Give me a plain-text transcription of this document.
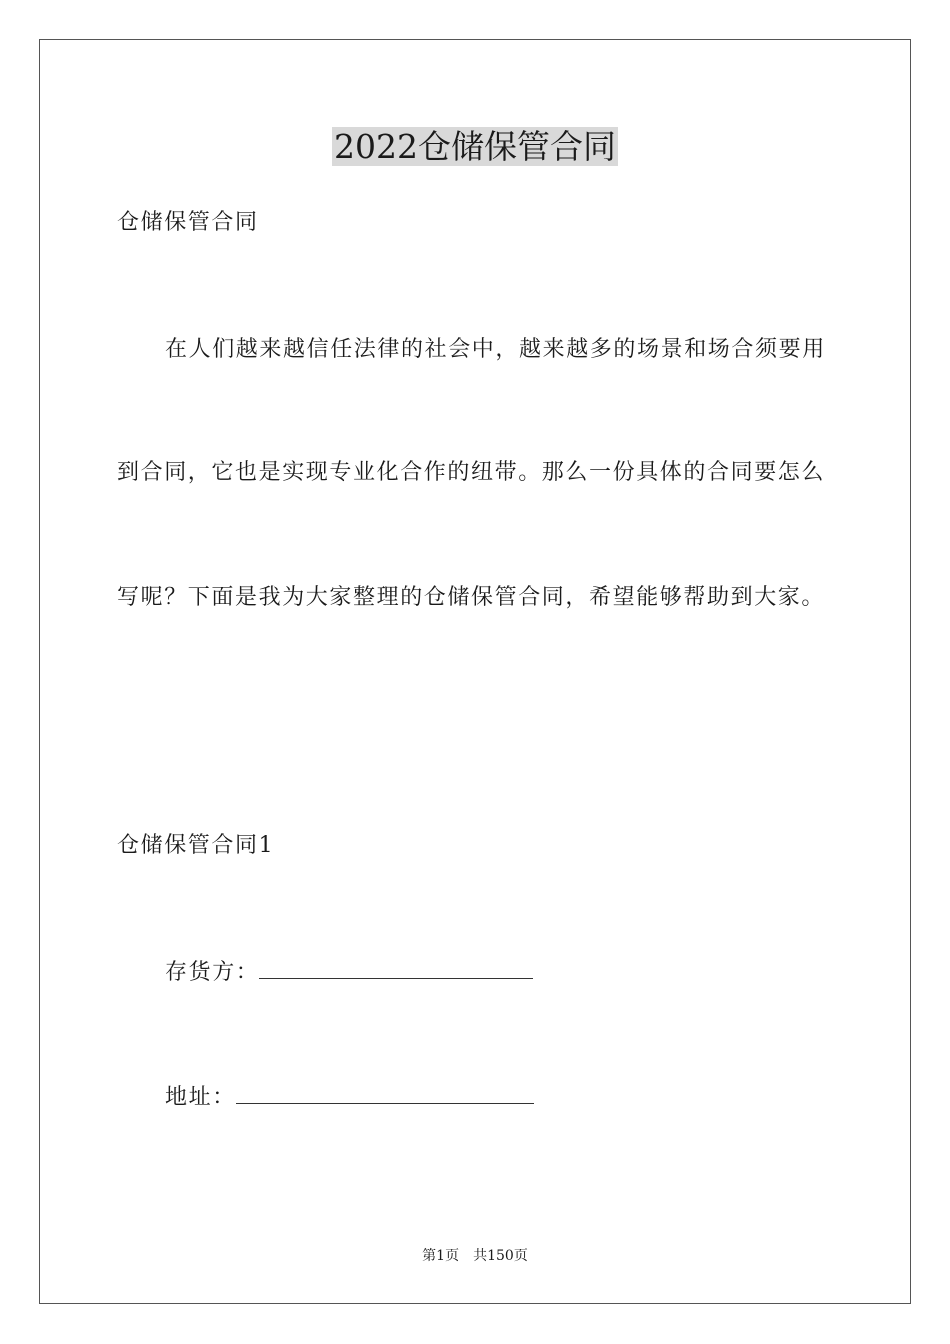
2022仓储保管合同
仓储保管合同
在人们越来越信任法律的社会中，越来越多的场景和场合须要用
到合同，它也是实现专业化合作的纽带。那么一份具体的合同要怎么
写呢？下面是我为大家整理的仓储保管合同，希望能够帮助到大家。
仓储保管合同1
存货方：
地址：
第1页 共150页
